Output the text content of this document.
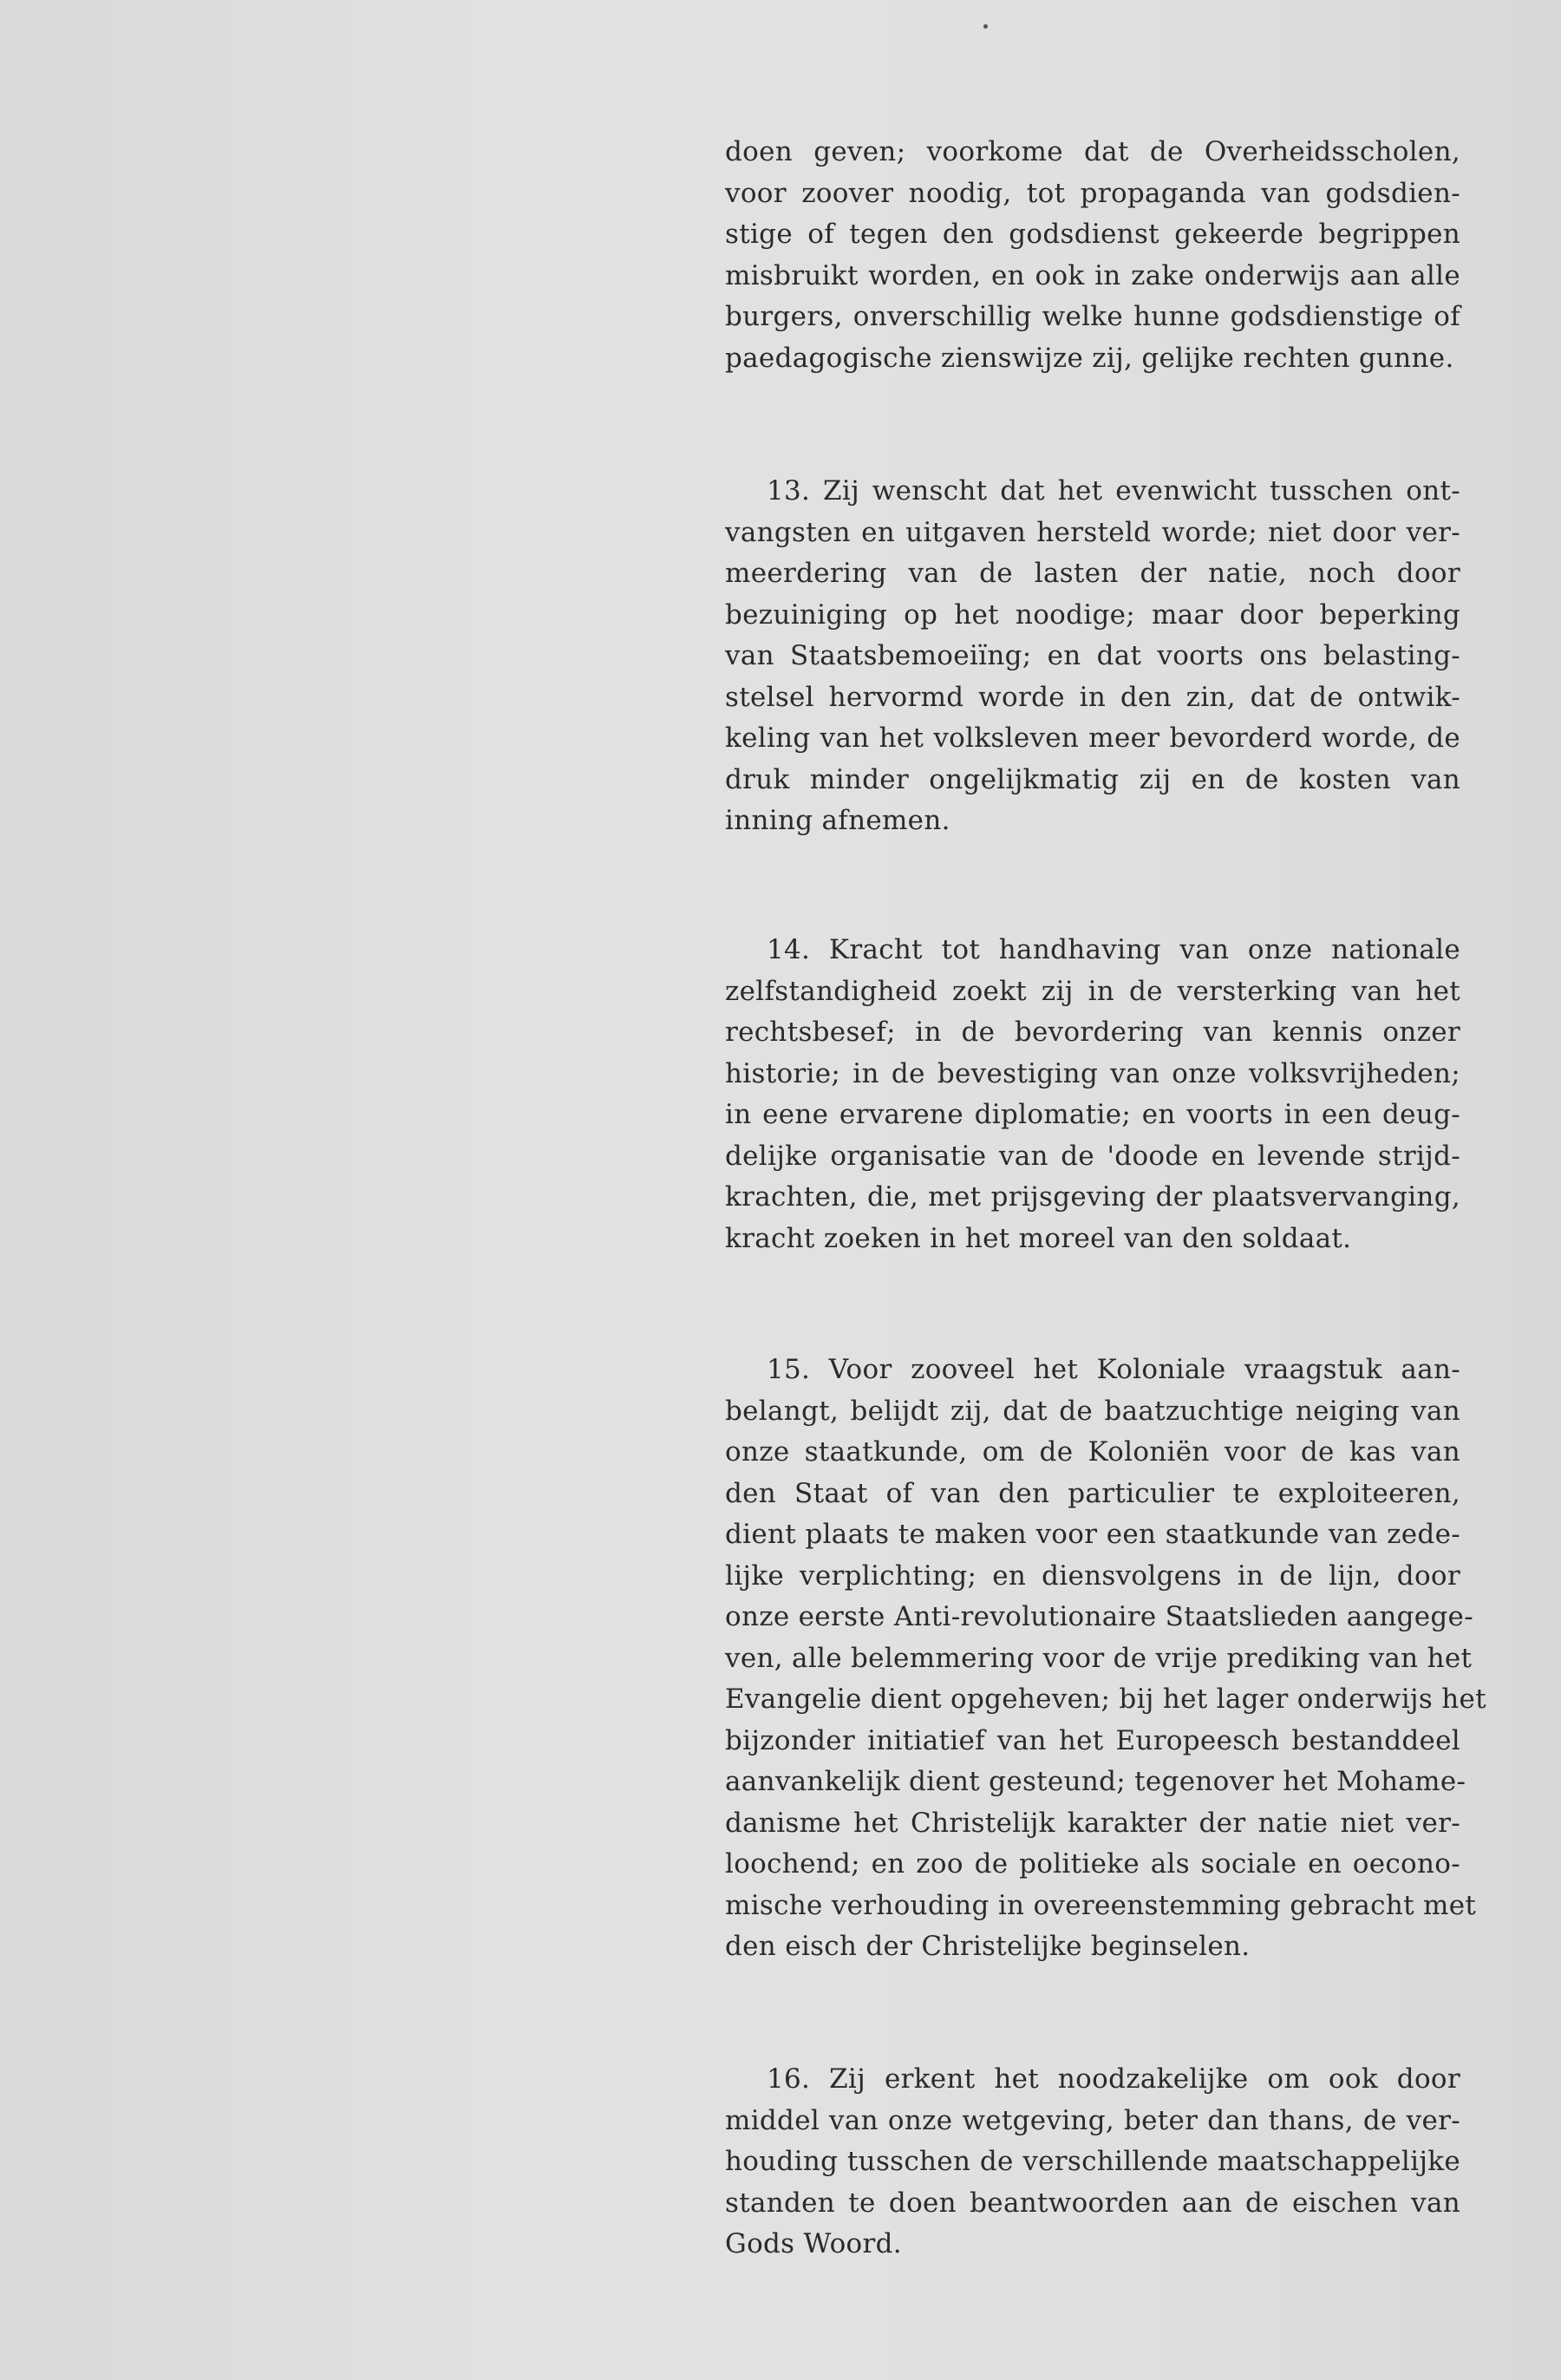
doen geven; voorkome dat de Overheidsscholen,
voor zoover noodig, tot propaganda van godsdien-
stige of tegen den godsdienst gekeerde begrippen
misbruikt worden, en ook in zake onderwijs aan alle
burgers, onverschillig welke hunne godsdienstige of
paedagogische zienswijze zij, gelijke rechten gunne.
13. Zij wenscht dat het evenwicht tusschen ont-
vangsten en uitgaven hersteld worde; niet door ver-
meerdering van de lasten der natie, noch door
bezuiniging op het noodige; maar door beperking
van Staatsbemoeiïng; en dat voorts ons belasting-
stelsel hervormd worde in den zin, dat de ontwik-
keling van het volksleven meer bevorderd worde, de
druk minder ongelijkmatig zij en de kosten van
inning afnemen.
14. Kracht tot handhaving van onze nationale
zelfstandigheid zoekt zij in de versterking van het
rechtsbesef; in de bevordering van kennis onzer
historie; in de bevestiging van onze volksvrijheden;
in eene ervarene diplomatie; en voorts in een deug-
delijke organisatie van de 'doode en levende strijd-
krachten, die, met prijsgeving der plaatsvervanging,
kracht zoeken in het moreel van den soldaat.
15. Voor zooveel het Koloniale vraagstuk aan-
belangt, belijdt zij, dat de baatzuchtige neiging van
onze staatkunde, om de Koloniën voor de kas van
den Staat of van den particulier te exploiteeren,
dient plaats te maken voor een staatkunde van zede-
lijke verplichting; en diensvolgens in de lijn, door
onze eerste Anti-revolutionaire Staatslieden aangege-
ven, alle belemmering voor de vrije prediking van het
Evangelie dient opgeheven; bij het lager onderwijs het
bijzonder initiatief van het Europeesch bestanddeel
aanvankelijk dient gesteund; tegenover het Mohame-
danisme het Christelijk karakter der natie niet ver-
loochend; en zoo de politieke als sociale en oecono-
mische verhouding in overeenstemming gebracht met
den eisch der Christelijke beginselen.
16. Zij erkent het noodzakelijke om ook door
middel van onze wetgeving, beter dan thans, de ver-
houding tusschen de verschillende maatschappelijke
standen te doen beantwoorden aan de eischen van
Gods Woord.
